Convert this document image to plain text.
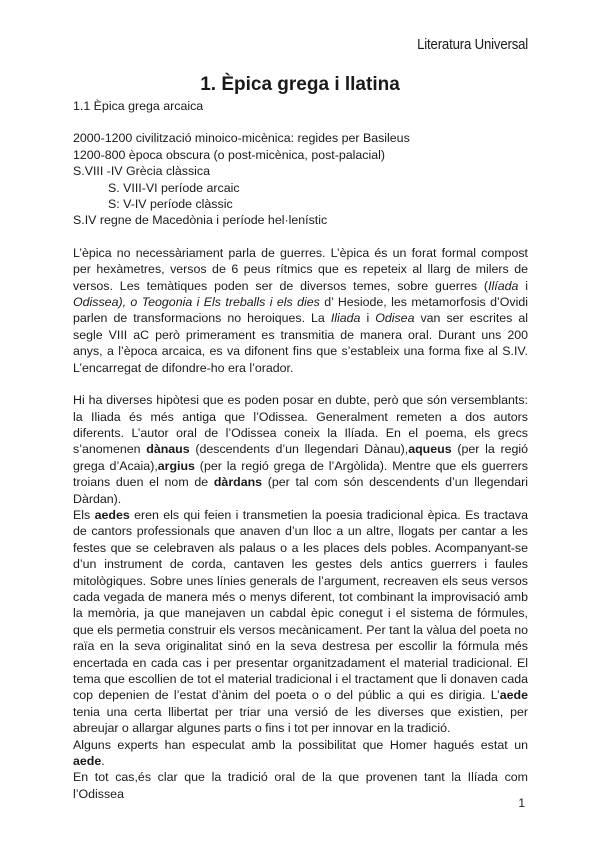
Literatura Universal
1. Èpica grega i llatina

1.1 Èpica grega arcaica

2000-1200 civilització minoico-micènica: regides per Basileus
1200-800 època obscura (o post-micènica, post-palacial)
S.VIII -IV Grècia clàssica
S. VIII-VI període arcaic
S: V-IV període clàssic
S.IV regne de Macedònia i període hel·lenístic

L’èpica no necessàriament parla de guerres. L’èpica és un forat formal compost per hexàmetres, versos de 6 peus rítmics que es repeteix al llarg de milers de versos. Les temàtiques poden ser de diversos temes, sobre guerres (Ilíada i Odissea), o Teogonia i Els treballs i els dies d’ Hesiode, les metamorfosis d’Ovidi parlen de transformacions no heroiques. La Iliada i Odisea van ser escrites al segle VIII aC però primerament es transmitia de manera oral. Durant uns 200 anys, a l’època arcaica, es va difonent fins que s’estableix una forma fixe al S.IV. L’encarregat de difondre-ho era l’orador.

Hi ha diverses hipòtesi que es poden posar en dubte, però que són versemblants: la Iliada és més antiga que l’Odissea. Generalment remeten a dos autors diferents. L’autor oral de l’Odissea coneix la Ilíada. En el poema, els grecs s’anomenen dànaus (descendents d’un llegendari Dànau),aqueus (per la regió grega d’Acaia),argius (per la regió grega de l’Argòlida). Mentre que els guerrers troians duen el nom de dàrdans (per tal com són descendents d’un llegendari Dàrdan).

Els aedes eren els qui feien i transmetien la poesia tradicional èpica. Es tractava de cantors professionals que anaven d’un lloc a un altre, llogats per cantar a les festes que se celebraven als palaus o a les places dels pobles. Acompanyant-se d’un instrument de corda, cantaven les gestes dels antics guerrers i faules mitològiques. Sobre unes línies generals de l’argument, recreaven els seus versos cada vegada de manera més o menys diferent, tot combinant la improvisació amb la memòria, ja que manejaven un cabdal èpic conegut i el sistema de fórmules, que els permetia construir els versos mecànicament. Per tant la vàlua del poeta no raïa en la seva originalitat sinó en la seva destresa per escollir la fórmula més encertada en cada cas i per presentar organitzadament el material tradicional. El tema que escollien de tot el material tradicional i el tractament que li donaven cada cop depenien de l’estat d’ànim del poeta o o del públic a qui es dirigia. L’aede tenia una certa llibertat per triar una versió de les diverses que existien, per abreujar o allargar algunes parts o fins i tot per innovar en la tradició.

Alguns experts han especulat amb la possibilitat que Homer hagués estat un aede.
En tot cas,és clar que la tradició oral de la que provenen tant la Ilíada com l’Odissea

1
